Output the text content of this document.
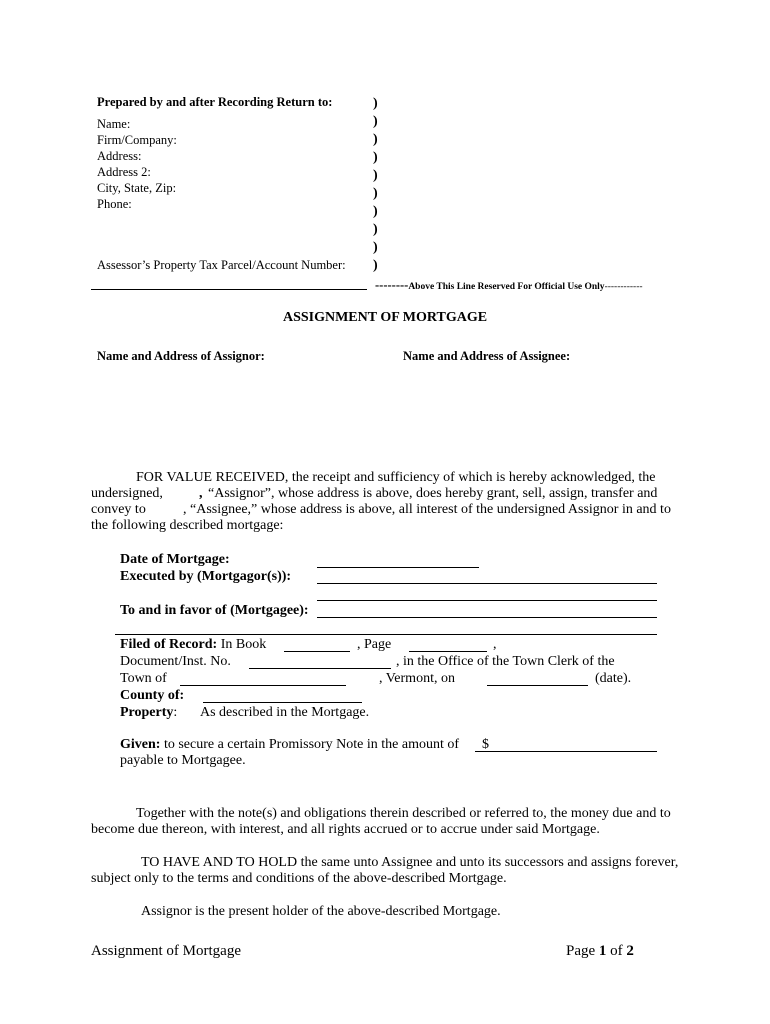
Prepared by and after Recording Return to:
Name:
Firm/Company:
Address:
Address 2:
City, State, Zip:
Phone:
Assessor’s Property Tax Parcel/Account Number:
)
)
)
)
)
)
)
)
)
)
--------Above This Line Reserved For Official Use Only------------
ASSIGNMENT OF MORTGAGE
Name and Address of Assignor:	Name and Address of Assignee:
FOR VALUE RECEIVED, the receipt and sufficiency of which is hereby acknowledged, the
undersigned,	, “Assignor”, whose address is above, does hereby grant, sell, assign, transfer and
convey to	, “Assignee,” whose address is above, all interest of the undersigned Assignor in and to
the following described mortgage:
Date of Mortgage:
Executed by (Mortgagor(s)):
To and in favor of (Mortgagee):
Filed of Record: In Book	, Page	,
Document/Inst. No.	, in the Office of the Town Clerk of the
Town of	, Vermont, on	(date).
County of:
Property: As described in the Mortgage.
Given: to secure a certain Promissory Note in the amount of $
payable to Mortgagee.
Together with the note(s) and obligations therein described or referred to, the money due and to
become due thereon, with interest, and all rights accrued or to accrue under said Mortgage.
TO HAVE AND TO HOLD the same unto Assignee and unto its successors and assigns forever,
subject only to the terms and conditions of the above-described Mortgage.
Assignor is the present holder of the above-described Mortgage.
Assignment of Mortgage	Page 1 of 2
